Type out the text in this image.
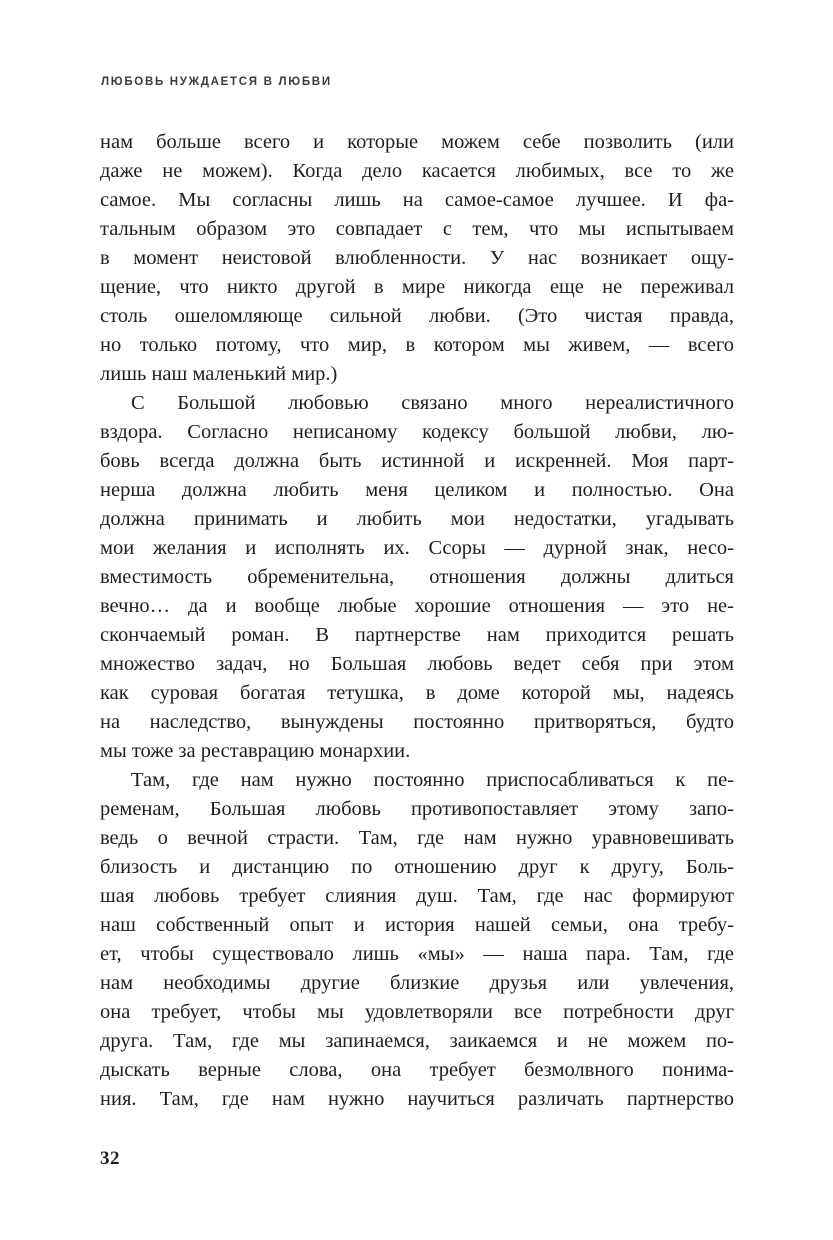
ЛЮБОВЬ НУЖДАЕТСЯ В ЛЮБВИ
нам больше всего и которые можем себе позволить (или
даже не можем). Когда дело касается любимых, все то же
самое. Мы согласны лишь на самое-самое лучшее. И фа-
тальным образом это совпадает с тем, что мы испытываем
в момент неистовой влюбленности. У нас возникает ощу-
щение, что никто другой в мире никогда еще не переживал
столь ошеломляюще сильной любви. (Это чистая правда,
но только потому, что мир, в котором мы живем, — всего
лишь наш маленький мир.)
С Большой любовью связано много нереалистичного
вздора. Согласно неписаному кодексу большой любви, лю-
бовь всегда должна быть истинной и искренней. Моя парт-
нерша должна любить меня целиком и полностью. Она
должна принимать и любить мои недостатки, угадывать
мои желания и исполнять их. Ссоры — дурной знак, несо-
вместимость обременительна, отношения должны длиться
вечно… да и вообще любые хорошие отношения — это не-
скончаемый роман. В партнерстве нам приходится решать
множество задач, но Большая любовь ведет себя при этом
как суровая богатая тетушка, в доме которой мы, надеясь
на наследство, вынуждены постоянно притворяться, будто
мы тоже за реставрацию монархии.
Там, где нам нужно постоянно приспосабливаться к пе-
ременам, Большая любовь противопоставляет этому запо-
ведь о вечной страсти. Там, где нам нужно уравновешивать
близость и дистанцию по отношению друг к другу, Боль-
шая любовь требует слияния душ. Там, где нас формируют
наш собственный опыт и история нашей семьи, она требу-
ет, чтобы существовало лишь «мы» — наша пара. Там, где
нам необходимы другие близкие друзья или увлечения,
она требует, чтобы мы удовлетворяли все потребности друг
друга. Там, где мы запинаемся, заикаемся и не можем по-
дыскать верные слова, она требует безмолвного понима-
ния. Там, где нам нужно научиться различать партнерство
32
